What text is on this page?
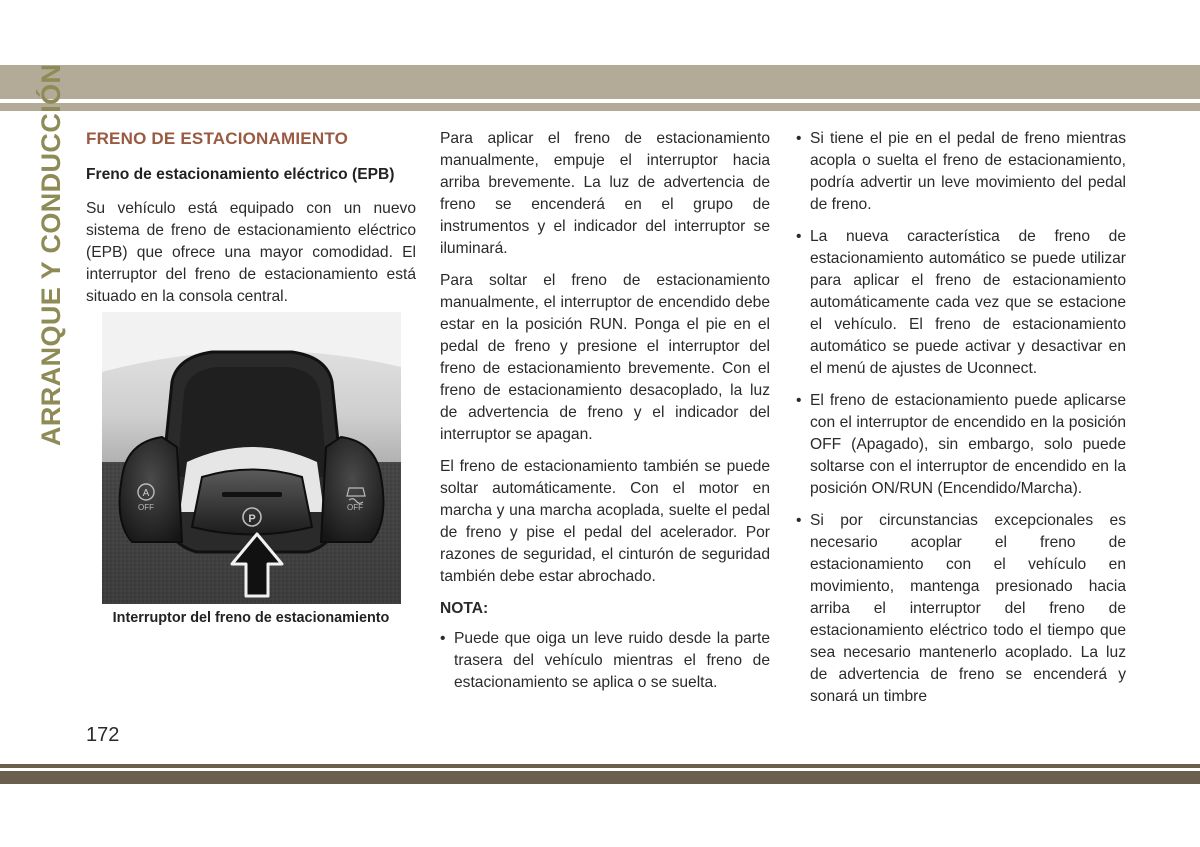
ARRANQUE Y CONDUCCIÓN FRENO DE ESTACIONAMIENTO
Freno de estacionamiento eléctrico (EPB)

Su vehículo está equipado con un nuevo sistema de freno de estacionamiento eléctrico (EPB) que ofrece una mayor comodidad. El interruptor del freno de estacionamiento está situado en la consola central.

P
A
OFF	OFF
Interruptor del freno de estacionamiento

Para aplicar el freno de estacionamiento manualmente, empuje el interruptor hacia arriba brevemente. La luz de advertencia de freno se encenderá en el grupo de instrumentos y el indicador del interruptor se iluminará.

Para soltar el freno de estacionamiento manualmente, el interruptor de encendido debe estar en la posición RUN. Ponga el pie en el pedal de freno y presione el interruptor del freno de estacionamiento brevemente. Con el freno de estacionamiento desacoplado, la luz de advertencia de freno y el indicador del interruptor se apagan.

El freno de estacionamiento también se puede soltar automáticamente. Con el motor en marcha y una marcha acoplada, suelte el pedal de freno y pise el pedal del acelerador. Por razones de seguridad, el cinturón de seguridad también debe estar abrochado.

NOTA:
• Puede que oiga un leve ruido desde la parte trasera del vehículo mientras el freno de estacionamiento se aplica o se suelta.
• Si tiene el pie en el pedal de freno mientras acopla o suelta el freno de estacionamiento, podría advertir un leve movimiento del pedal de freno.
• La nueva característica de freno de estacionamiento automático se puede utilizar para aplicar el freno de estacionamiento automáticamente cada vez que se estacione el vehículo. El freno de estacionamiento automático se puede activar y desactivar en el menú de ajustes de Uconnect.
• El freno de estacionamiento puede aplicarse con el interruptor de encendido en la posición OFF (Apagado), sin embargo, solo puede soltarse con el interruptor de encendido en la posición ON/RUN (Encendido/Marcha).
• Si por circunstancias excepcionales es necesario acoplar el freno de estacionamiento con el vehículo en movimiento, mantenga presionado hacia arriba el interruptor del freno de estacionamiento eléctrico todo el tiempo que sea necesario mantenerlo acoplado. La luz de advertencia de freno se encenderá y sonará un timbre
172
